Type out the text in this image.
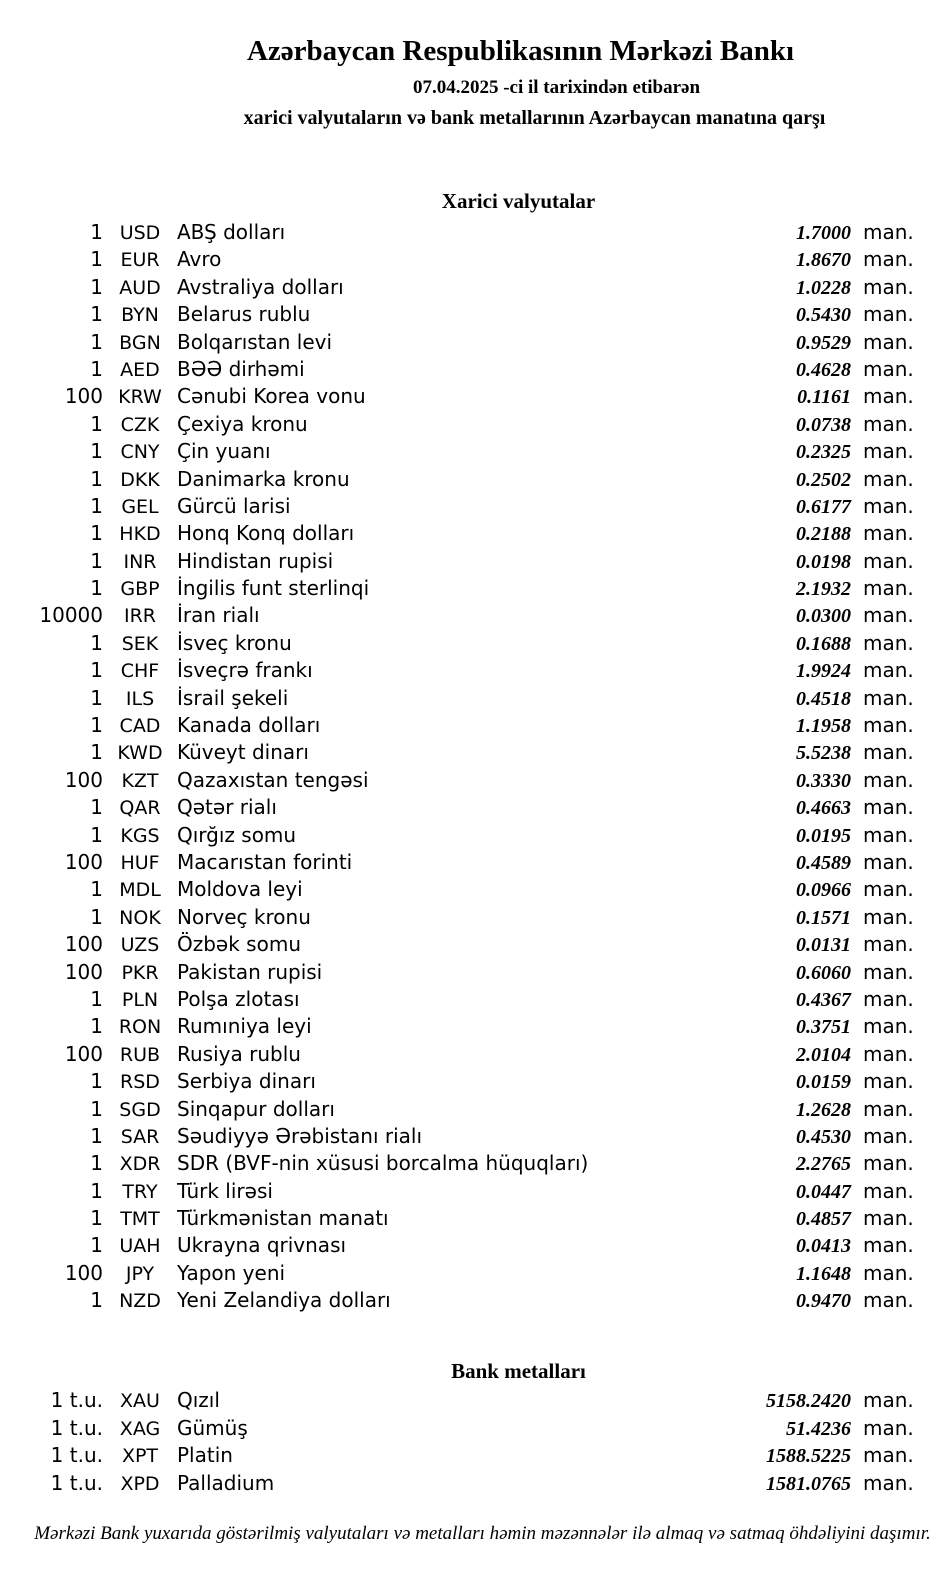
Azərbaycan Respublikasının Mərkəzi Bankı
07.04.2025 -ci il tarixindən etibarən
xarici valyutaların və bank metallarının Azərbaycan manatına qarşı
Xarici valyutalar
1 USD ABŞ dolları	1.7000 man.
1 EUR Avro	1.8670 man.
1 AUD Avstraliya dolları	1.0228 man.
1 BYN Belarus rublu	0.5430 man.
1 BGN Bolqarıstan levi	0.9529 man.
1 AED BƏƏ dirhəmi	0.4628 man.
100 KRW Cənubi Korea vonu	0.1161 man.
1 CZK Çexiya kronu	0.0738 man.
1 CNY Çin yuanı	0.2325 man.
1 DKK Danimarka kronu	0.2502 man.
1 GEL Gürcü larisi	0.6177 man.
1 HKD Honq Konq dolları	0.2188 man.
1	INR	Hindistan rupisi	0.0198 man.
1 GBP İngilis funt sterlinqi	2.1932 man.
10000	IRR	İran rialı	0.0300 man.
1 SEK İsveç kronu	0.1688 man.
1 CHF İsveçrə frankı	1.9924 man.
1	ILS	İsrail şekeli	0.4518 man.
1 CAD Kanada dolları	1.1958 man.
1 KWD Küveyt dinarı	5.5238 man.
100 KZT Qazaxıstan tengəsi	0.3330 man.
1 QAR Qətər rialı	0.4663 man.
1 KGS Qırğız somu	0.0195 man.
100 HUF Macarıstan forinti	0.4589 man.
1 MDL Moldova leyi	0.0966 man.
1 NOK Norveç kronu	0.1571 man.
100 UZS Özbək somu	0.0131 man.
100 PKR Pakistan rupisi	0.6060 man.
1 PLN Polşa zlotası	0.4367 man.
1 RON Rumıniya leyi	0.3751 man.
100 RUB Rusiya rublu	2.0104 man.
1 RSD Serbiya dinarı	0.0159 man.
1 SGD Sinqapur dolları	1.2628 man.
1 SAR Səudiyyə Ərəbistanı rialı	0.4530 man.
1 XDR SDR (BVF-nin xüsusi borcalma hüquqları)	2.2765 man.
1	TRY Türk lirəsi	0.0447 man.
1 TMT Türkmənistan manatı	0.4857 man.
1 UAH Ukrayna qrivnası	0.0413 man.
100	JPY	Yapon yeni	1.1648 man.
1 NZD Yeni Zelandiya dolları	0.9470 man.
Bank metalları
1 t.u. XAU Qızıl	5158.2420 man.
1 t.u. XAG Gümüş	51.4236 man.
1 t.u. XPT Platin	1588.5225 man.
1 t.u. XPD Palladium	1581.0765 man.
Mərkəzi Bank yuxarıda göstərilmiş valyutaları və metalları həmin məzənnələr ilə almaq və satmaq öhdəliyini daşımır.
